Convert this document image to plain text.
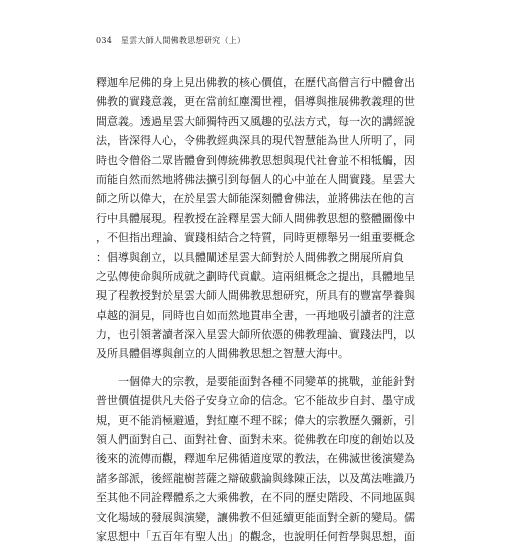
034 星雲大師人間佛教思想研究（上）
釋迦牟尼佛的身上見出佛教的核心價值，在歷代高僧言行中體會出
佛教的實踐意義，更在當前紅塵濁世裡，倡導與推展佛教義理的世
間意義。透過星雲大師獨特西又風趣的弘法方式，每一次的講經說
法，皆深得人心，令佛教經典深具的現代智慧能為世人所明了，同
時也令僧俗二眾皆體會到傳統佛教思想與現代社會並不相牴觸，因
而能自然而然地將佛法擴引到每個人的心中並在人間實踐。星雲大
師之所以偉大，在於星雲大師能深刻體會佛法，並將佛法在他的言
行中具體展現。程教授在詮釋星雲大師人間佛教思想的整體圖像中
，不但指出理論、實踐相結合之特質，同時更標舉另一組重要概念
：倡導與創立，以具體闡述星雲大師對於人間佛教之開展所肩負
之弘傳使命與所成就之劃時代貢獻。這兩組概念之提出，具體地呈
現了程教授對於星雲大師人間佛教思想研究，所具有的豐富學養與
卓越的洞見，同時也自如而然地貫串全書，一再地吸引讀者的注意
力，也引領著讀者深入星雲大師所依憑的佛教理論、實踐法門，以
及所具體倡導與創立的人間佛教思想之智慧大海中。
一個偉大的宗教，是要能面對各種不同變革的挑戰，並能針對
普世價值提供凡夫俗子安身立命的信念。它不能故步自封、墨守成
規，更不能消極避遁，對紅塵不理不睬；偉大的宗教歷久彌新，引
領人們面對自己、面對社會、面對未來。從佛教在印度的創始以及
後來的流傳而觀，釋迦牟尼佛循道度眾的教法，在佛滅世後演變為
諸多部派，後經龍樹菩薩之辯破戲論與緣陳正法，以及萬法唯識乃
至其他不同詮釋體系之大乘佛教，在不同的歷史階段、不同地區與
文化場域的發展與演變，讓佛教不但延續更能面對全新的變局。儒
家思想中「五百年有聖人出」的觀念，也說明任何哲學與思想，面
